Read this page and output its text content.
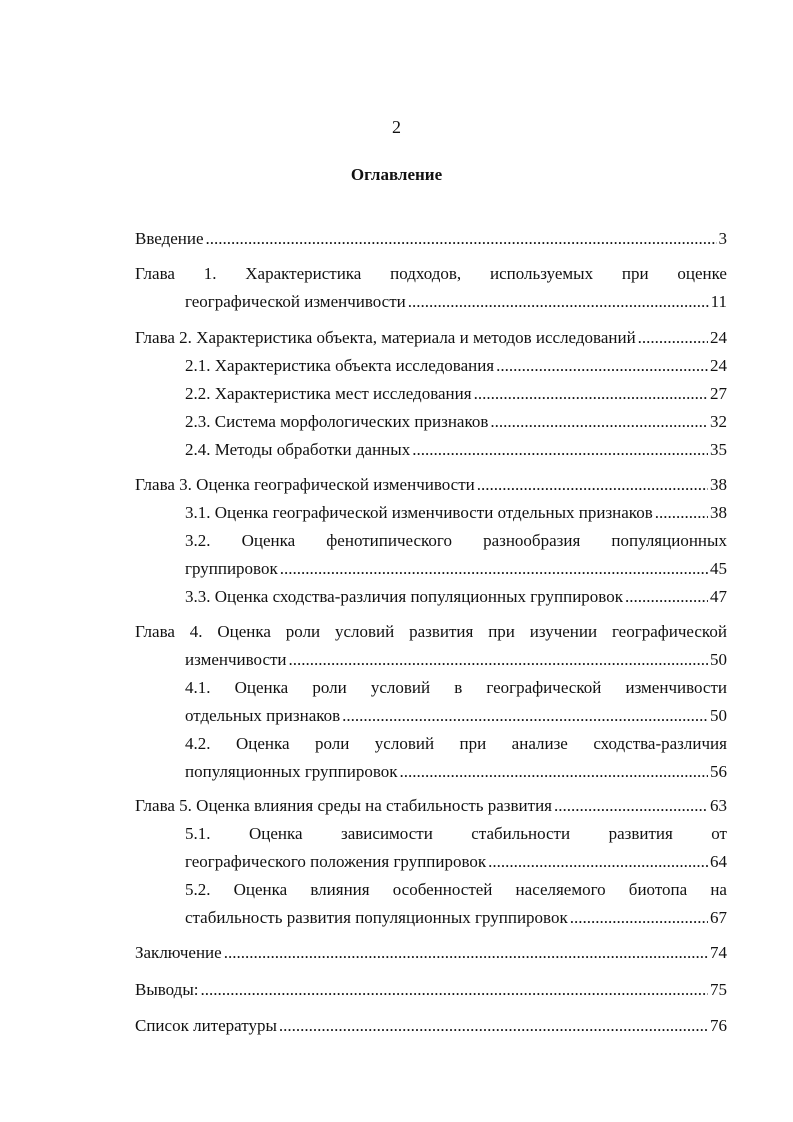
2
Оглавление
Введение .....	3
Глава 1. Характеристика подходов, используемых при оценке
географической изменчивости .....	11
Глава 2. Характеристика объекта, материала и методов исследований .....	24
2.1. Характеристика объекта исследования .....	24
2.2. Характеристика мест исследования .....	27
2.3. Система морфологических признаков .....	32
2.4. Методы обработки данных .....	35
Глава 3. Оценка географической изменчивости .....	38
3.1. Оценка географической изменчивости отдельных признаков .....	38
3.2. Оценка фенотипического разнообразия популяционных
группировок .....	45
3.3. Оценка сходства-различия популяционных группировок .....	47
Глава 4. Оценка роли условий развития при изучении географической
изменчивости .....	50
4.1. Оценка роли условий в географической изменчивости
отдельных признаков .....	50
4.2. Оценка роли условий при анализе сходства-различия
популяционных группировок .....	56
Глава 5. Оценка влияния среды на стабильность развития .....	63
5.1. Оценка зависимости стабильности развития от
географического положения группировок .....	64
5.2. Оценка влияния особенностей населяемого биотопа на
стабильность развития популяционных группировок .....	67
Заключение .....	74
Выводы: .....	75
Список литературы .....	76
